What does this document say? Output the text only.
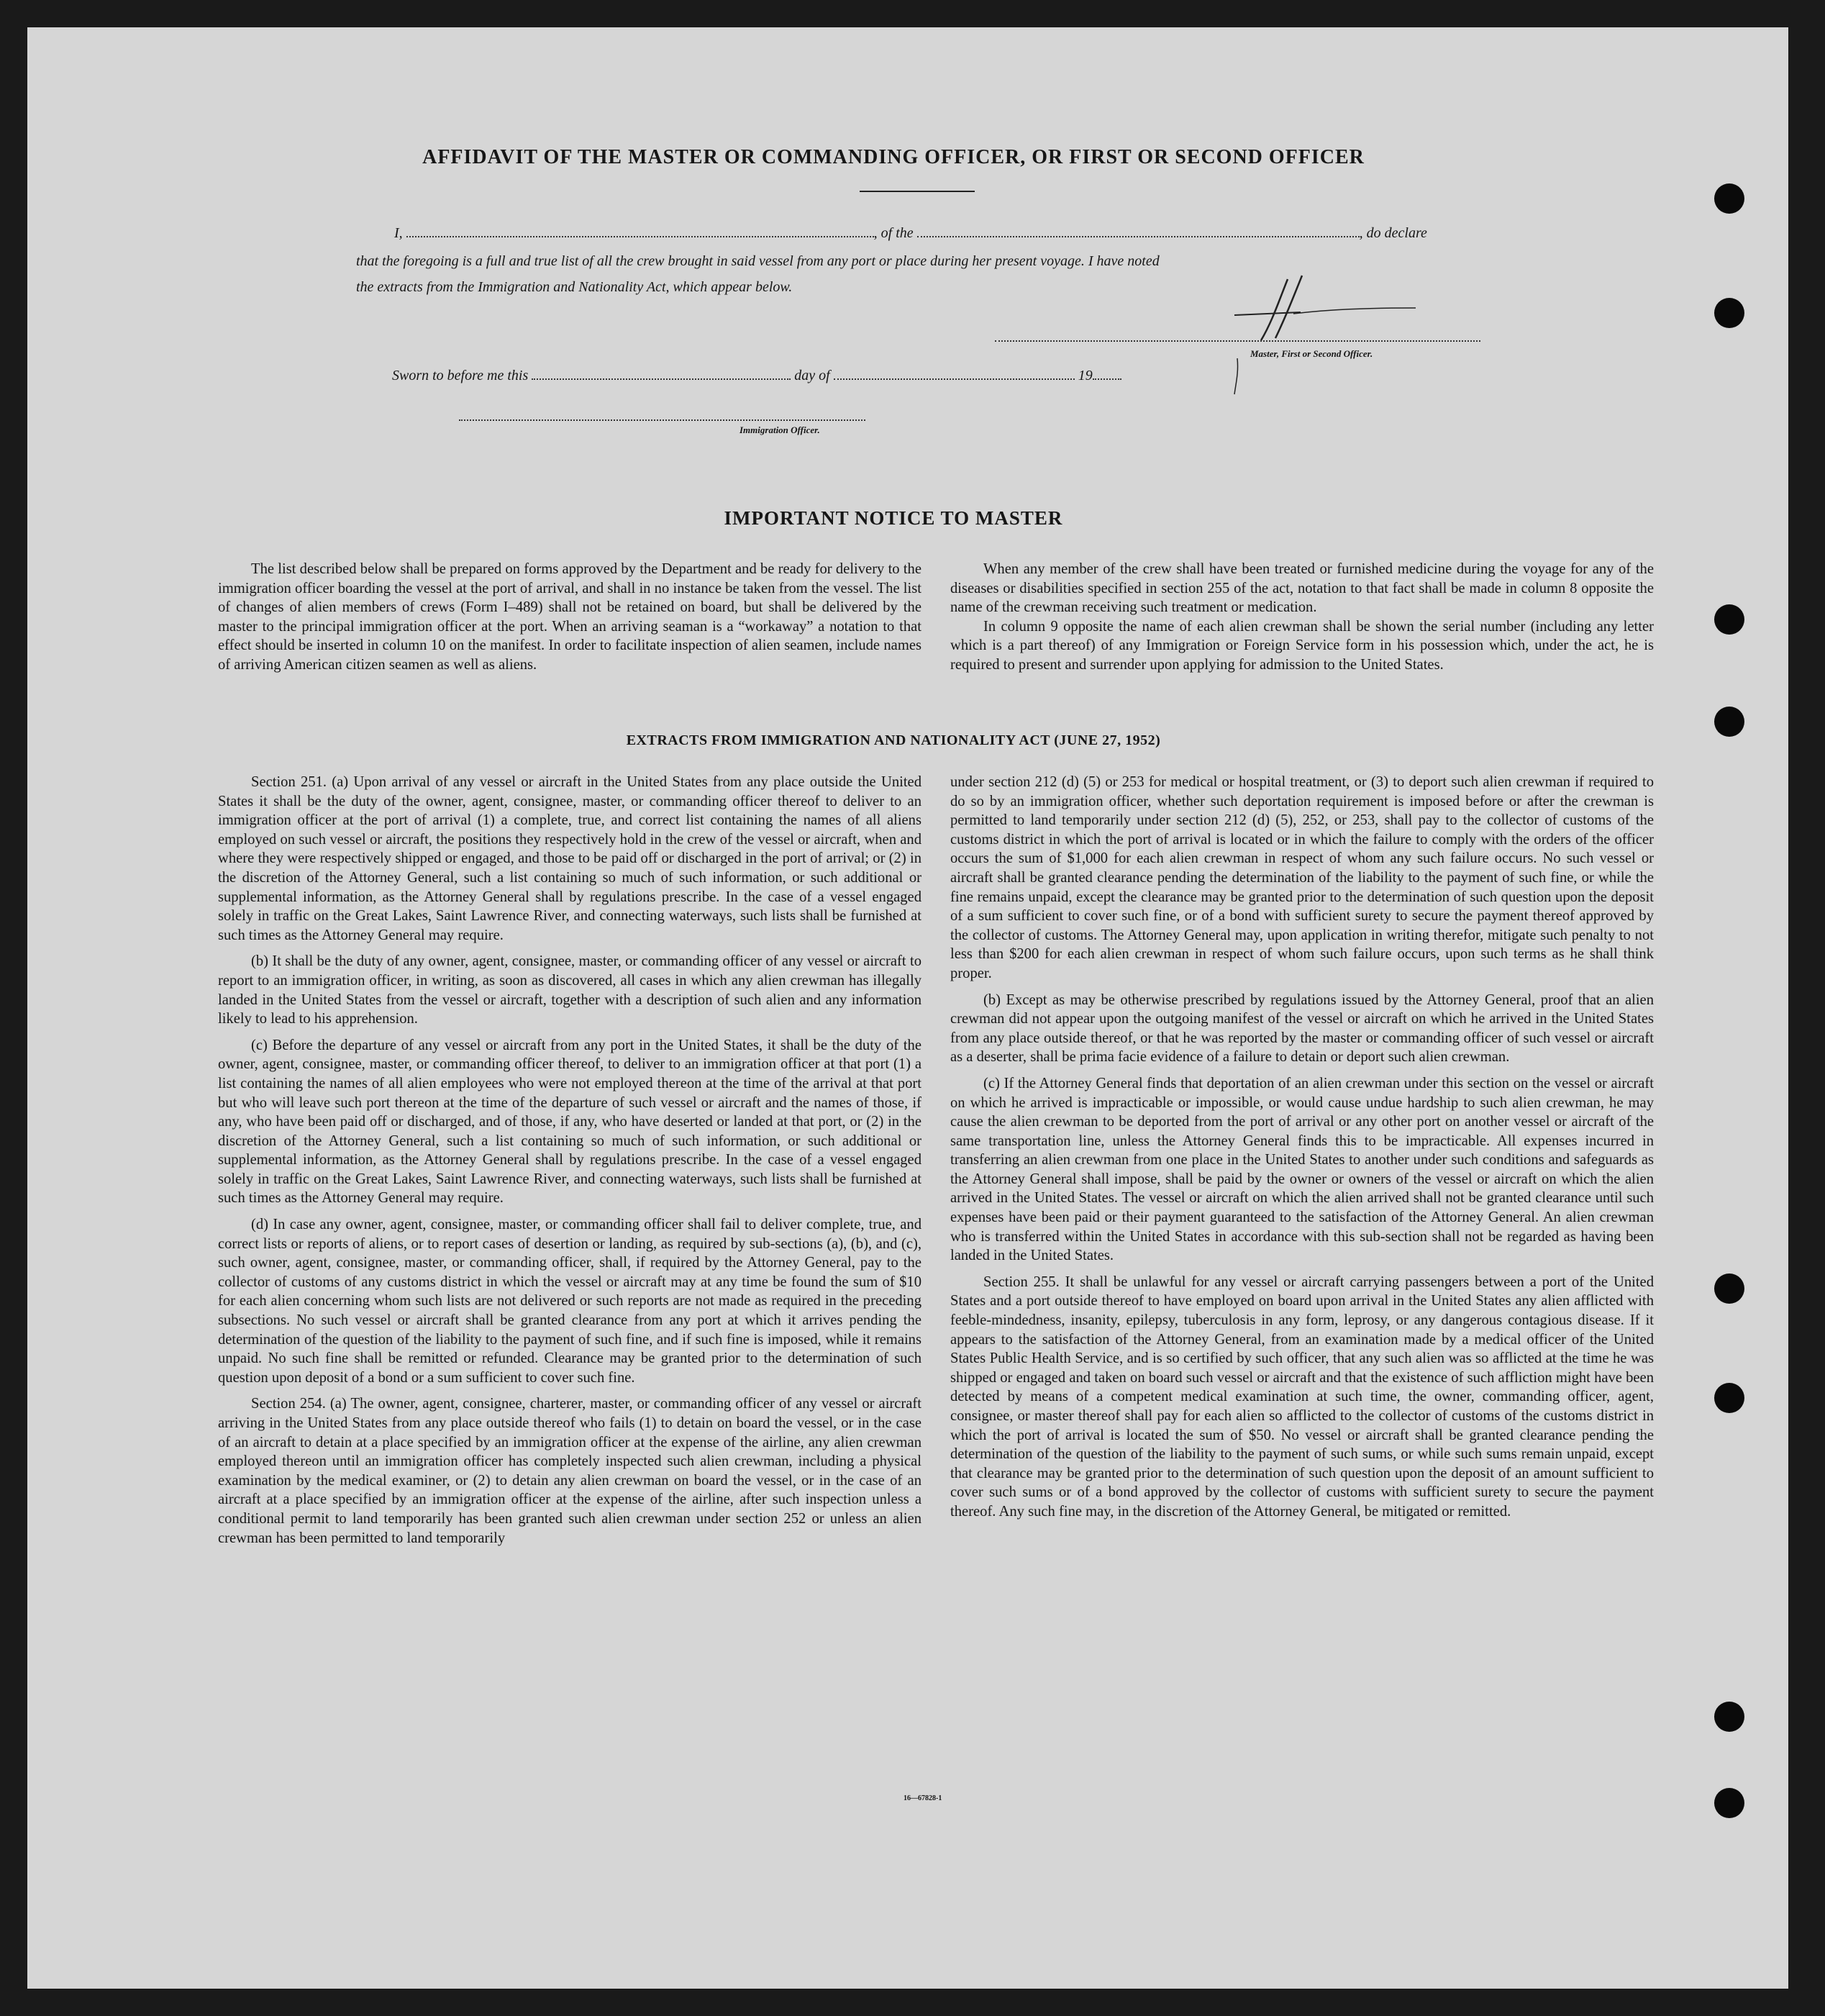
AFFIDAVIT OF THE MASTER OR COMMANDING OFFICER, OR FIRST OR SECOND OFFICER
I,	, of the	, do declare
that the foregoing is a full and true list of all the crew brought in said vessel from any port or place during her present voyage. I have noted
the extracts from the Immigration and Nationality Act, which appear below.
Master, First or Second Officer.
Sworn to before me this	day of	19
Immigration Officer.
IMPORTANT NOTICE TO MASTER

The list described below shall be prepared on forms approved by the Department and be ready for delivery to the immigration officer boarding the vessel at the port of arrival, and shall in no instance be taken from the vessel. The list of changes of alien members of crews (Form I–489) shall not be retained on board, but shall be delivered by the master to the principal immigration officer at the port. When an arriving seaman is a “workaway” a notation to that effect should be inserted in column 10 on the manifest. In order to facilitate inspection of alien seamen, include names of arriving American citizen seamen as well as aliens.

When any member of the crew shall have been treated or furnished medicine during the voyage for any of the diseases or disabilities specified in section 255 of the act, notation to that fact shall be made in column 8 opposite the name of the crewman receiving such treatment or medication.

In column 9 opposite the name of each alien crewman shall be shown the serial number (including any letter which is a part thereof) of any Immigration or Foreign Service form in his possession which, under the act, he is required to present and surrender upon applying for admission to the United States.

EXTRACTS FROM IMMIGRATION AND NATIONALITY ACT (JUNE 27, 1952)

Section 251. (a) Upon arrival of any vessel or aircraft in the United States from any place outside the United States it shall be the duty of the owner, agent, consignee, master, or commanding officer thereof to deliver to an immigration officer at the port of arrival (1) a complete, true, and correct list containing the names of all aliens employed on such vessel or aircraft, the positions they respectively hold in the crew of the vessel or aircraft, when and where they were respectively shipped or engaged, and those to be paid off or discharged in the port of arrival; or (2) in the discretion of the Attorney General, such a list containing so much of such information, or such additional or supplemental information, as the Attorney General shall by regulations prescribe. In the case of a vessel engaged solely in traffic on the Great Lakes, Saint Lawrence River, and connecting waterways, such lists shall be furnished at such times as the Attorney General may require.

(b) It shall be the duty of any owner, agent, consignee, master, or commanding officer of any vessel or aircraft to report to an immigration officer, in writing, as soon as discovered, all cases in which any alien crewman has illegally landed in the United States from the vessel or aircraft, together with a description of such alien and any information likely to lead to his apprehension.

(c) Before the departure of any vessel or aircraft from any port in the United States, it shall be the duty of the owner, agent, consignee, master, or commanding officer thereof, to deliver to an immigration officer at that port (1) a list containing the names of all alien employees who were not employed thereon at the time of the arrival at that port but who will leave such port thereon at the time of the departure of such vessel or aircraft and the names of those, if any, who have been paid off or discharged, and of those, if any, who have deserted or landed at that port, or (2) in the discretion of the Attorney General, such a list containing so much of such information, or such additional or supplemental information, as the Attorney General shall by regulations prescribe. In the case of a vessel engaged solely in traffic on the Great Lakes, Saint Lawrence River, and connecting waterways, such lists shall be furnished at such times as the Attorney General may require.

(d) In case any owner, agent, consignee, master, or commanding officer shall fail to deliver complete, true, and correct lists or reports of aliens, or to report cases of desertion or landing, as required by sub-sections (a), (b), and (c), such owner, agent, consignee, master, or commanding officer, shall, if required by the Attorney General, pay to the collector of customs of any customs district in which the vessel or aircraft may at any time be found the sum of $10 for each alien concerning whom such lists are not delivered or such reports are not made as required in the preceding subsections. No such vessel or aircraft shall be granted clearance from any port at which it arrives pending the determination of the question of the liability to the payment of such fine, and if such fine is imposed, while it remains unpaid. No such fine shall be remitted or refunded. Clearance may be granted prior to the determination of such question upon deposit of a bond or a sum sufficient to cover such fine.

Section 254. (a) The owner, agent, consignee, charterer, master, or commanding officer of any vessel or aircraft arriving in the United States from any place outside thereof who fails (1) to detain on board the vessel, or in the case of an aircraft to detain at a place specified by an immigration officer at the expense of the airline, any alien crewman employed thereon until an immigration officer has completely inspected such alien crewman, including a physical examination by the medical examiner, or (2) to detain any alien crewman on board the vessel, or in the case of an aircraft at a place specified by an immigration officer at the expense of the airline, after such inspection unless a conditional permit to land temporarily has been granted such alien crewman under section 252 or unless an alien crewman has been permitted to land temporarily

under section 212 (d) (5) or 253 for medical or hospital treatment, or (3) to deport such alien crewman if required to do so by an immigration officer, whether such deportation requirement is imposed before or after the crewman is permitted to land temporarily under section 212 (d) (5), 252, or 253, shall pay to the collector of customs of the customs district in which the port of arrival is located or in which the failure to comply with the orders of the officer occurs the sum of $1,000 for each alien crewman in respect of whom any such failure occurs. No such vessel or aircraft shall be granted clearance pending the determination of the liability to the payment of such fine, or while the fine remains unpaid, except the clearance may be granted prior to the determination of such question upon the deposit of a sum sufficient to cover such fine, or of a bond with sufficient surety to secure the payment thereof approved by the collector of customs. The Attorney General may, upon application in writing therefor, mitigate such penalty to not less than $200 for each alien crewman in respect of whom such failure occurs, upon such terms as he shall think proper.

(b) Except as may be otherwise prescribed by regulations issued by the Attorney General, proof that an alien crewman did not appear upon the outgoing manifest of the vessel or aircraft on which he arrived in the United States from any place outside thereof, or that he was reported by the master or commanding officer of such vessel or aircraft as a deserter, shall be prima facie evidence of a failure to detain or deport such alien crewman.

(c) If the Attorney General finds that deportation of an alien crewman under this section on the vessel or aircraft on which he arrived is impracticable or impossible, or would cause undue hardship to such alien crewman, he may cause the alien crewman to be deported from the port of arrival or any other port on another vessel or aircraft of the same transportation line, unless the Attorney General finds this to be impracticable. All expenses incurred in transferring an alien crewman from one place in the United States to another under such conditions and safeguards as the Attorney General shall impose, shall be paid by the owner or owners of the vessel or aircraft on which the alien arrived in the United States. The vessel or aircraft on which the alien arrived shall not be granted clearance until such expenses have been paid or their payment guaranteed to the satisfaction of the Attorney General. An alien crewman who is transferred within the United States in accordance with this sub-section shall not be regarded as having been landed in the United States.

Section 255. It shall be unlawful for any vessel or aircraft carrying passengers between a port of the United States and a port outside thereof to have employed on board upon arrival in the United States any alien afflicted with feeble-mindedness, insanity, epilepsy, tuberculosis in any form, leprosy, or any dangerous contagious disease. If it appears to the satisfaction of the Attorney General, from an examination made by a medical officer of the United States Public Health Service, and is so certified by such officer, that any such alien was so afflicted at the time he was shipped or engaged and taken on board such vessel or aircraft and that the existence of such affliction might have been detected by means of a competent medical examination at such time, the owner, commanding officer, agent, consignee, or master thereof shall pay for each alien so afflicted to the collector of customs of the customs district in which the port of arrival is located the sum of $50. No vessel or aircraft shall be granted clearance pending the determination of the question of the liability to the payment of such sums, or while such sums remain unpaid, except that clearance may be granted prior to the determination of such question upon the deposit of an amount sufficient to cover such sums or of a bond approved by the collector of customs with sufficient surety to secure the payment thereof. Any such fine may, in the discretion of the Attorney General, be mitigated or remitted.

16—67828-1
